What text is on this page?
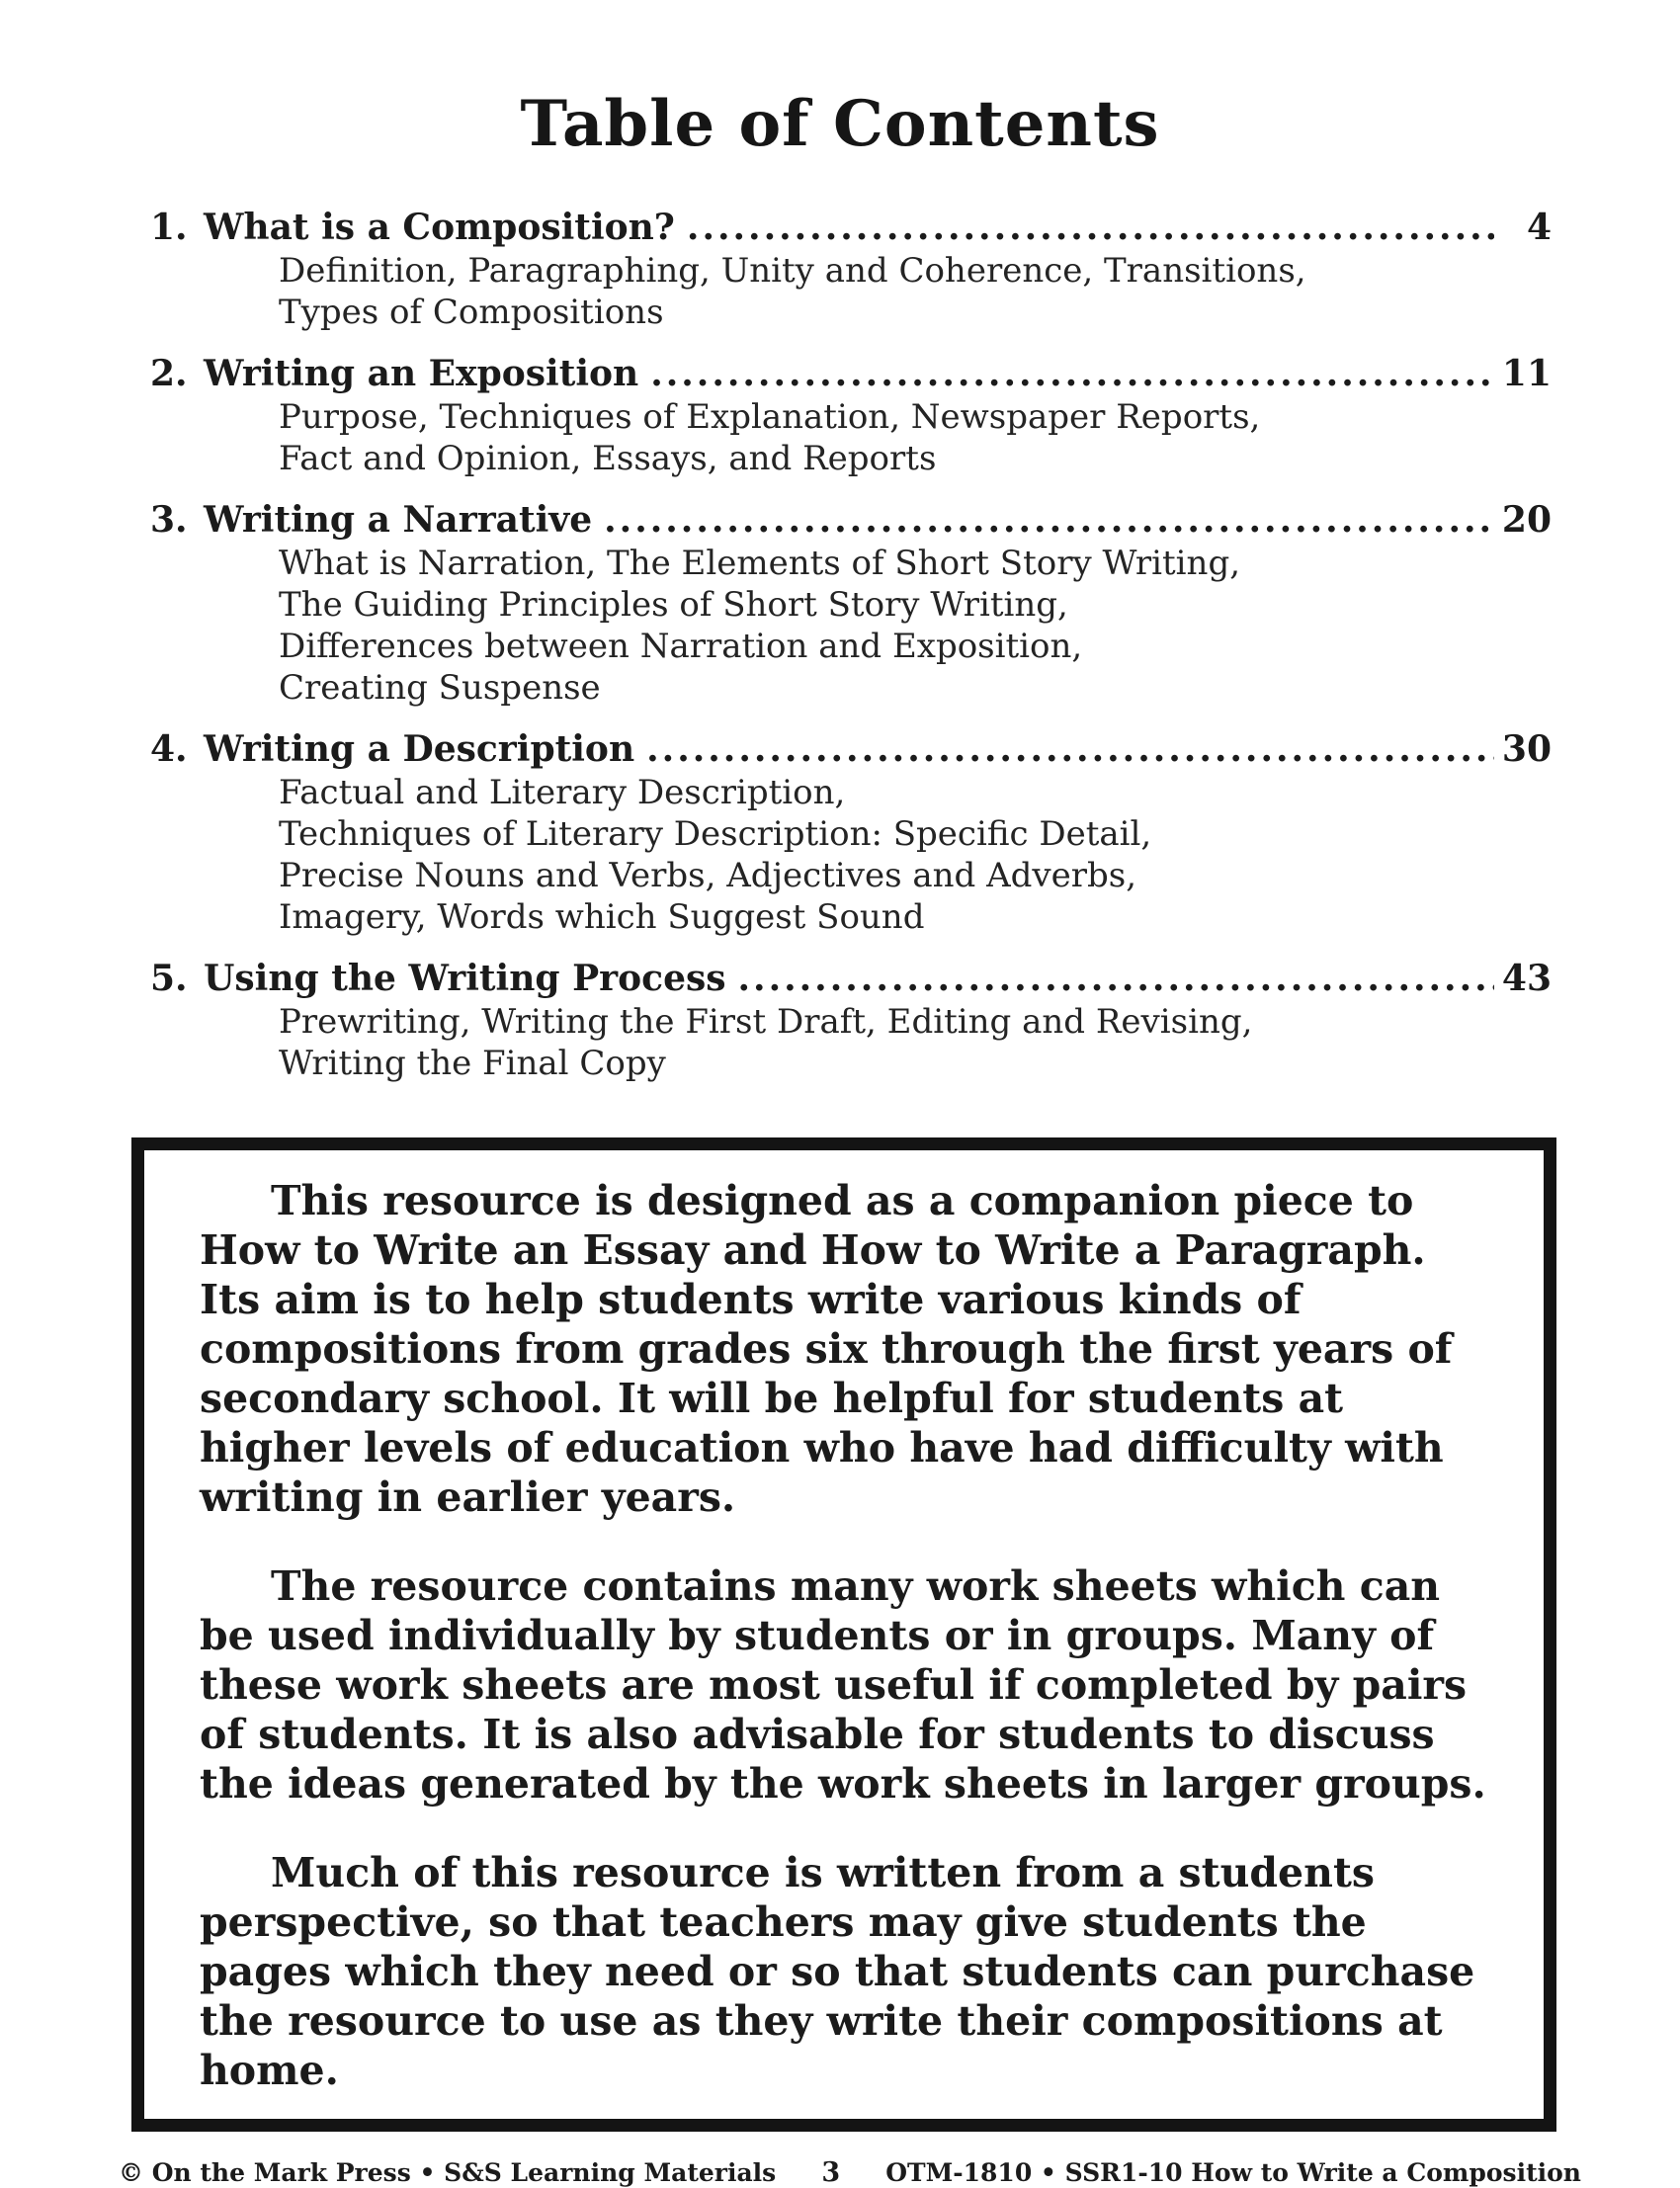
Table of Contents
1. What is a Composition? .....	4
Definition, Paragraphing, Unity and Coherence, Transitions,
Types of Compositions
2. Writing an Exposition .....	11
Purpose, Techniques of Explanation, Newspaper Reports,
Fact and Opinion, Essays, and Reports
3. Writing a Narrative .....	20
What is Narration, The Elements of Short Story Writing,
The Guiding Principles of Short Story Writing,
Differences between Narration and Exposition,
Creating Suspense
4. Writing a Description .....	30
Factual and Literary Description,
Techniques of Literary Description: Specific Detail,
Precise Nouns and Verbs, Adjectives and Adverbs,
Imagery, Words which Suggest Sound
5. Using the Writing Process .....	43
Prewriting, Writing the First Draft, Editing and Revising,
Writing the Final Copy

This resource is designed as a companion piece to How to Write an Essay and How to Write a Paragraph. Its aim is to help students write various kinds of compositions from grades six through the first years of secondary school. It will be helpful for students at higher levels of education who have had difficulty with writing in earlier years.

The resource contains many work sheets which can be used individually by students or in groups. Many of these work sheets are most useful if completed by pairs of students. It is also advisable for students to discuss the ideas generated by the work sheets in larger groups.

Much of this resource is written from a students perspective, so that teachers may give students the pages which they need or so that students can purchase the resource to use as they write their compositions at home.

© On the Mark Press • S&S Learning Materials 3 OTM-1810 • SSR1-10 How to Write a Composition
